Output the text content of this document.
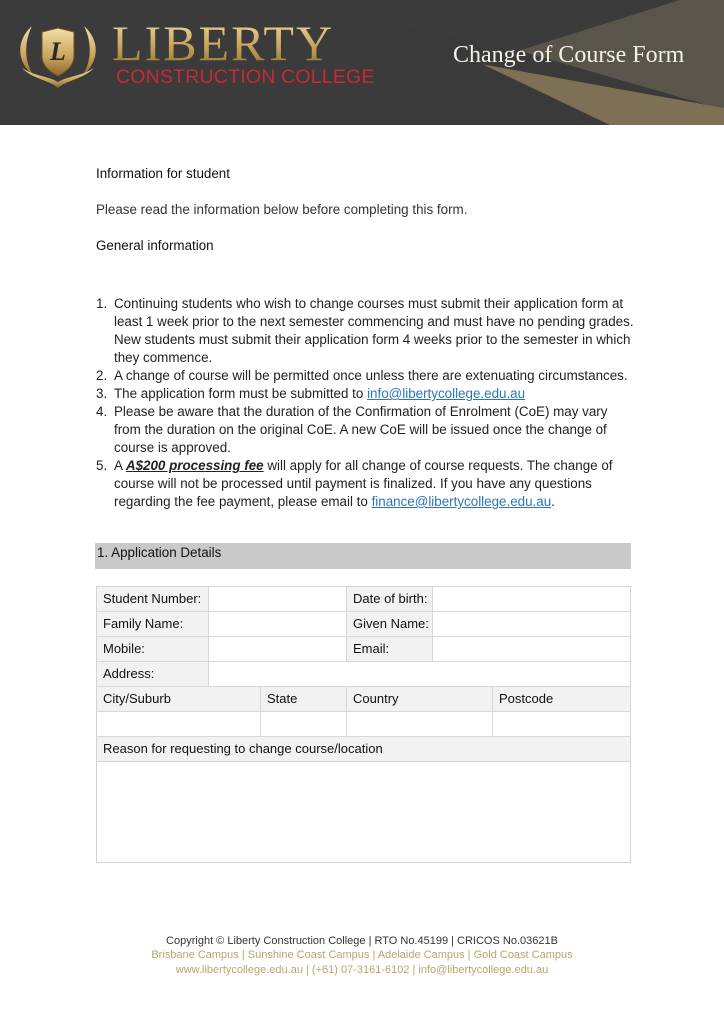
L LIBERTY
CONSTRUCTION COLLEGE
Change of Course Form
Information for student
Please read the information below before completing this form.
General information
1. Continuing students who wish to change courses must submit their application form at least 1 week prior to the next semester commencing and must have no pending grades. New students must submit their application form 4 weeks prior to the semester in which they commence.
2. A change of course will be permitted once unless there are extenuating circumstances.
3. The application form must be submitted to info@libertycollege.edu.au
4. Please be aware that the duration of the Confirmation of Enrolment (CoE) may vary from the duration on the original CoE. A new CoE will be issued once the change of course is approved.
5. A A$200 processing fee will apply for all change of course requests. The change of course will not be processed until payment is finalized. If you have any questions regarding the fee payment, please email to finance@libertycollege.edu.au.
1. Application Details
Student Number:	Date of birth:
Family Name:	Given Name:
Mobile:	Email:
Address:
City/Suburb	State	Country	Postcode
Reason for requesting to change course/location
Copyright © Liberty Construction College | RTO No.45199 | CRICOS No.03621B
Brisbane Campus | Sunshine Coast Campus | Adelaide Campus | Gold Coast Campus
www.libertycollege.edu.au | (+61) 07-3161-6102 | info@libertycollege.edu.au
